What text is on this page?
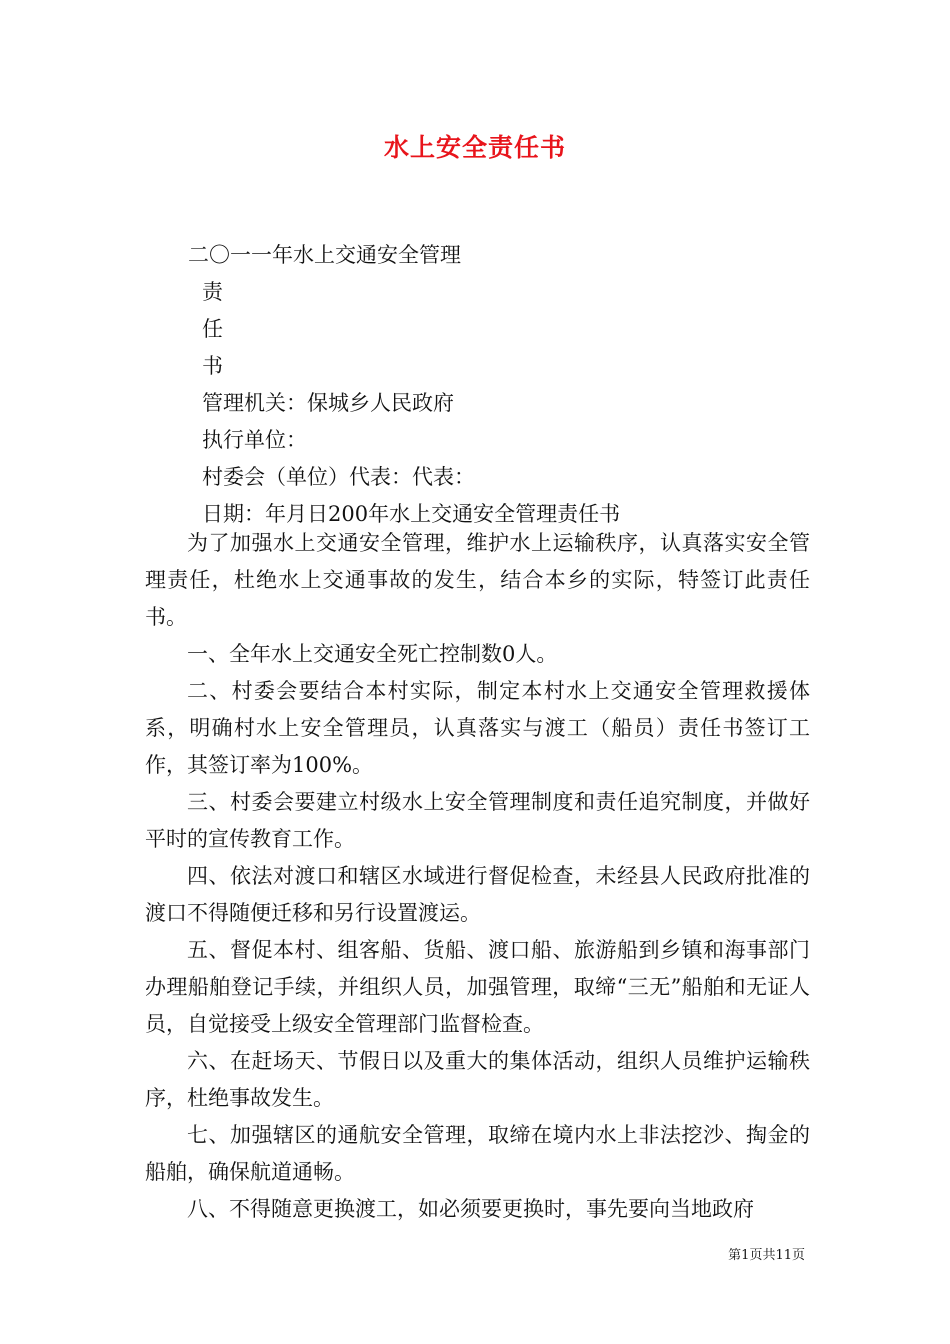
水上安全责任书
二〇一一年水上交通安全管理
责
任
书
管理机关：保城乡人民政府
执行单位：
村委会（单位）代表：代表：
日期：年月日200年水上交通安全管理责任书

为了加强水上交通安全管理，维护水上运输秩序，认真落实安全管理责任，杜绝水上交通事故的发生，结合本乡的实际，特签订此责任书。

一、全年水上交通安全死亡控制数0人。

二、村委会要结合本村实际，制定本村水上交通安全管理救援体系，明确村水上安全管理员，认真落实与渡工（船员）责任书签订工作，其签订率为100%。

三、村委会要建立村级水上安全管理制度和责任追究制度，并做好平时的宣传教育工作。

四、依法对渡口和辖区水域进行督促检查，未经县人民政府批准的渡口不得随便迁移和另行设置渡运。

五、督促本村、组客船、货船、渡口船、旅游船到乡镇和海事部门办理船舶登记手续，并组织人员，加强管理，取缔“三无”船舶和无证人员，自觉接受上级安全管理部门监督检查。

六、在赶场天、节假日以及重大的集体活动，组织人员维护运输秩序，杜绝事故发生。

七、加强辖区的通航安全管理，取缔在境内水上非法挖沙、掏金的船舶，确保航道通畅。

八、不得随意更换渡工，如必须要更换时，事先要向当地政府

第1页共11页
